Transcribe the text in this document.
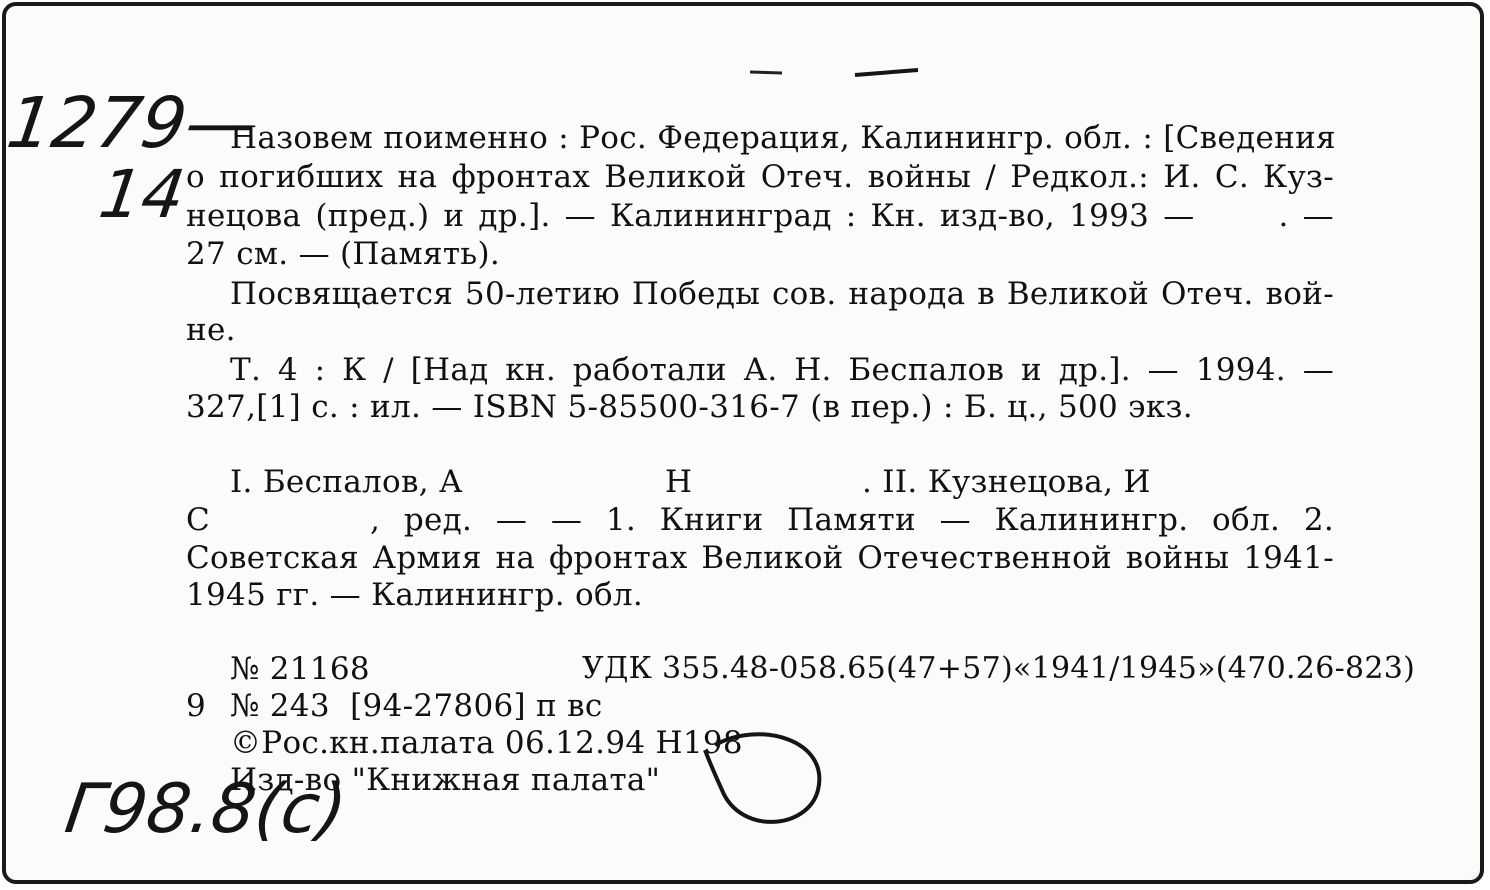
1279—
14
Г98.8(с)
Назовем поименно : Рос. Федерация, Калинингр. обл. : [Сведения
о погибших на фронтах Великой Отеч. войны / Редкол.: И. С. Куз-
нецова (пред.) и др.]. — Калининград : Кн. изд-во, 1993 —      . —
27 см. — (Память).
Посвящается 50-летию Победы сов. народа в Великой Отеч. вой-
не.
Т. 4 : К / [Над кн. работали А. Н. Беспалов и др.]. — 1994. —
327,[1] с. : ил. — ISBN 5-85500-316-7 (в пер.) : Б. ц., 500 экз.
I. Беспалов, А	Н	. II. Кузнецова, И
С	, ред. — — 1. Книги Памяти — Калинингр. обл. 2.
Советская Армия на фронтах Великой Отечественной войны 1941-
1945 гг. — Калинингр. обл.
№ 21168	УДК 355.48-058.65(47+57)«1941/1945»(470.26-823)
9 № 243  [94-27806] п вс
©Рос.кн.палата 06.12.94 Н198
Изд-во "Книжная палата"
